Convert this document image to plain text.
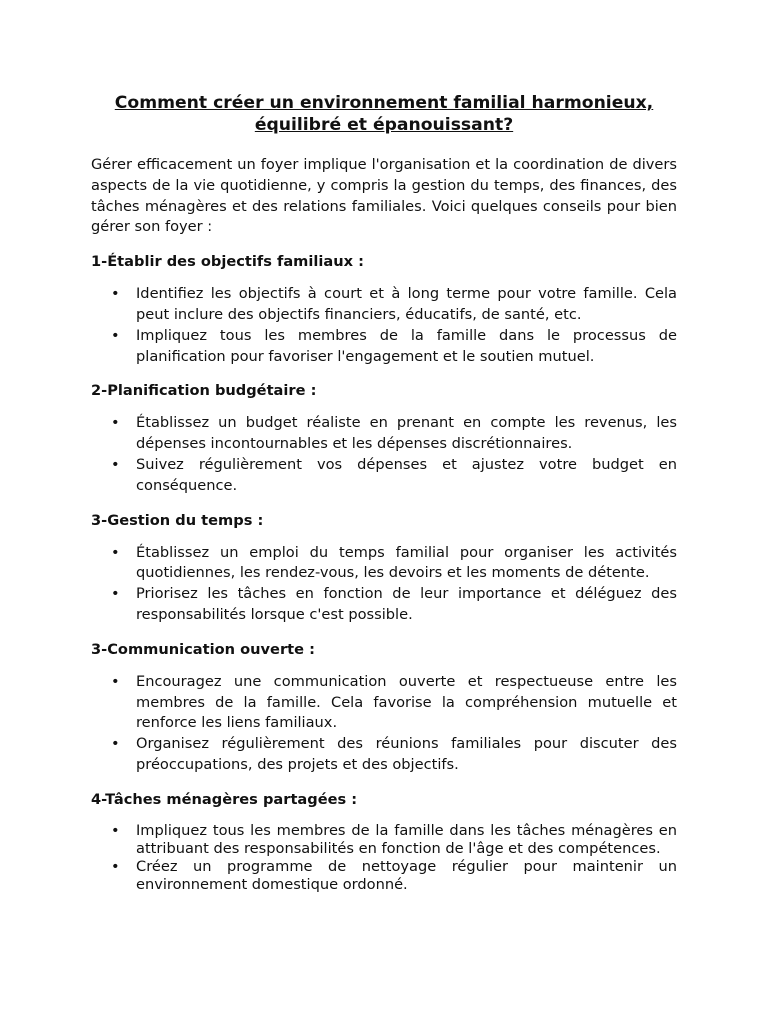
Comment créer un environnement familial harmonieux,
équilibré et épanouissant?

Gérer efficacement un foyer implique l'organisation et la coordination de divers aspects de la vie quotidienne, y compris la gestion du temps, des finances, des tâches ménagères et des relations familiales. Voici quelques conseils pour bien gérer son foyer :

1-Établir des objectifs familiaux :
• Identifiez les objectifs à court et à long terme pour votre famille. Cela peut inclure des objectifs financiers, éducatifs, de santé, etc.
• Impliquez tous les membres de la famille dans le processus de planification pour favoriser l'engagement et le soutien mutuel.
2-Planification budgétaire :
• Établissez un budget réaliste en prenant en compte les revenus, les dépenses incontournables et les dépenses discrétionnaires.
• Suivez régulièrement vos dépenses et ajustez votre budget en conséquence.
3-Gestion du temps :
• Établissez un emploi du temps familial pour organiser les activités quotidiennes, les rendez-vous, les devoirs et les moments de détente.
• Priorisez les tâches en fonction de leur importance et déléguez des responsabilités lorsque c'est possible.
3-Communication ouverte :
• Encouragez une communication ouverte et respectueuse entre les membres de la famille. Cela favorise la compréhension mutuelle et renforce les liens familiaux.
• Organisez régulièrement des réunions familiales pour discuter des préoccupations, des projets et des objectifs.
4-Tâches ménagères partagées :
• Impliquez tous les membres de la famille dans les tâches ménagères en attribuant des responsabilités en fonction de l'âge et des compétences.
• Créez un programme de nettoyage régulier pour maintenir un environnement domestique ordonné.
